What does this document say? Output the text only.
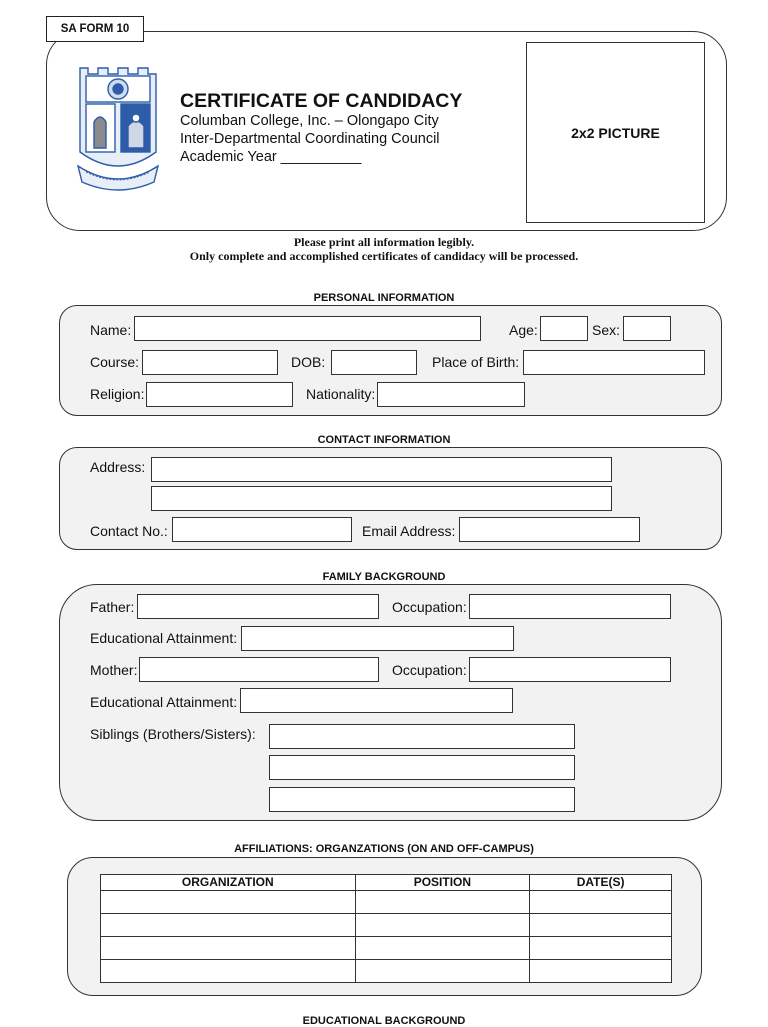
SA FORM 10
CERTIFICATE OF CANDIDACY
Columban College, Inc. – Olongapo City
Inter-Departmental Coordinating Council
Academic Year __________
2x2 PICTURE
Please print all information legibly.
Only complete and accomplished certificates of candidacy will be processed.
PERSONAL INFORMATION
Name:	Age:	Sex:
Course:	DOB:	Place of Birth:
Religion:	Nationality:
CONTACT INFORMATION
Address:
Contact No.:	Email Address:
FAMILY BACKGROUND
Father:	Occupation:
Educational Attainment:
Mother:	Occupation:
Educational Attainment:
Siblings (Brothers/Sisters):
AFFILIATIONS: ORGANZATIONS (ON AND OFF-CAMPUS)
ORGANIZATION	POSITION	DATE(S)

EDUCATIONAL BACKGROUND
